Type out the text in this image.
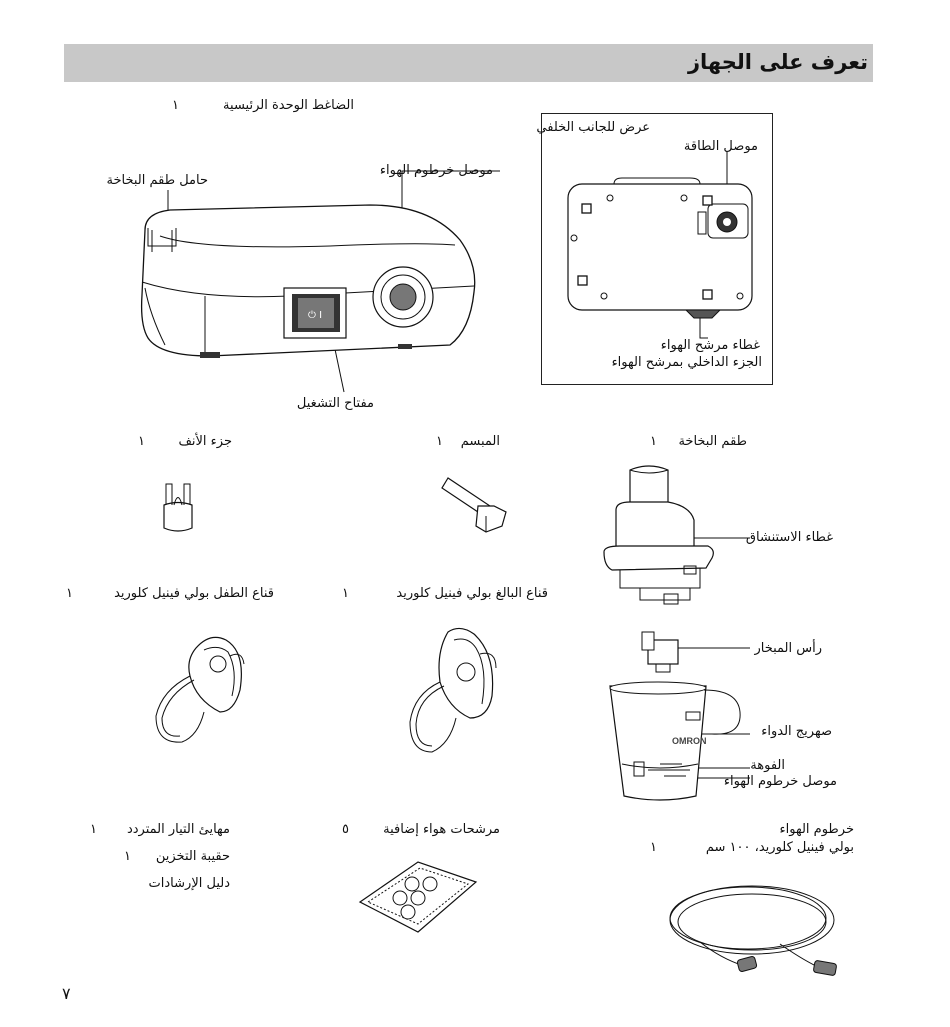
تعرف على الجهاز
الضاغط الوحدة الرئيسية
١
حامل طقم البخاخة
موصل خرطوم الهواء
مفتاح التشغيل
⏻ I
عرض للجانب الخلفي
موصل الطاقة
غطاء مرشح الهواء
الجزء الداخلي بمرشح الهواء
جزء الأنف
١	المبسم
١	طقم البخاخة
١
غطاء الاستنشاق
رأس المبخار
صهريج الدواء
الفوهة
موصل خرطوم الهواء
OMRON
قناع الطفل بولي فينيل كلوريد
١	قناع البالغ بولي فينيل كلوريد
١
مهايئ التيار المتردد
١
حقيبة التخزين
١
دليل الإرشادات
مرشحات هواء إضافية
٥	خرطوم الهواء
بولي فينيل كلوريد، ١٠٠ سم
١
٧
